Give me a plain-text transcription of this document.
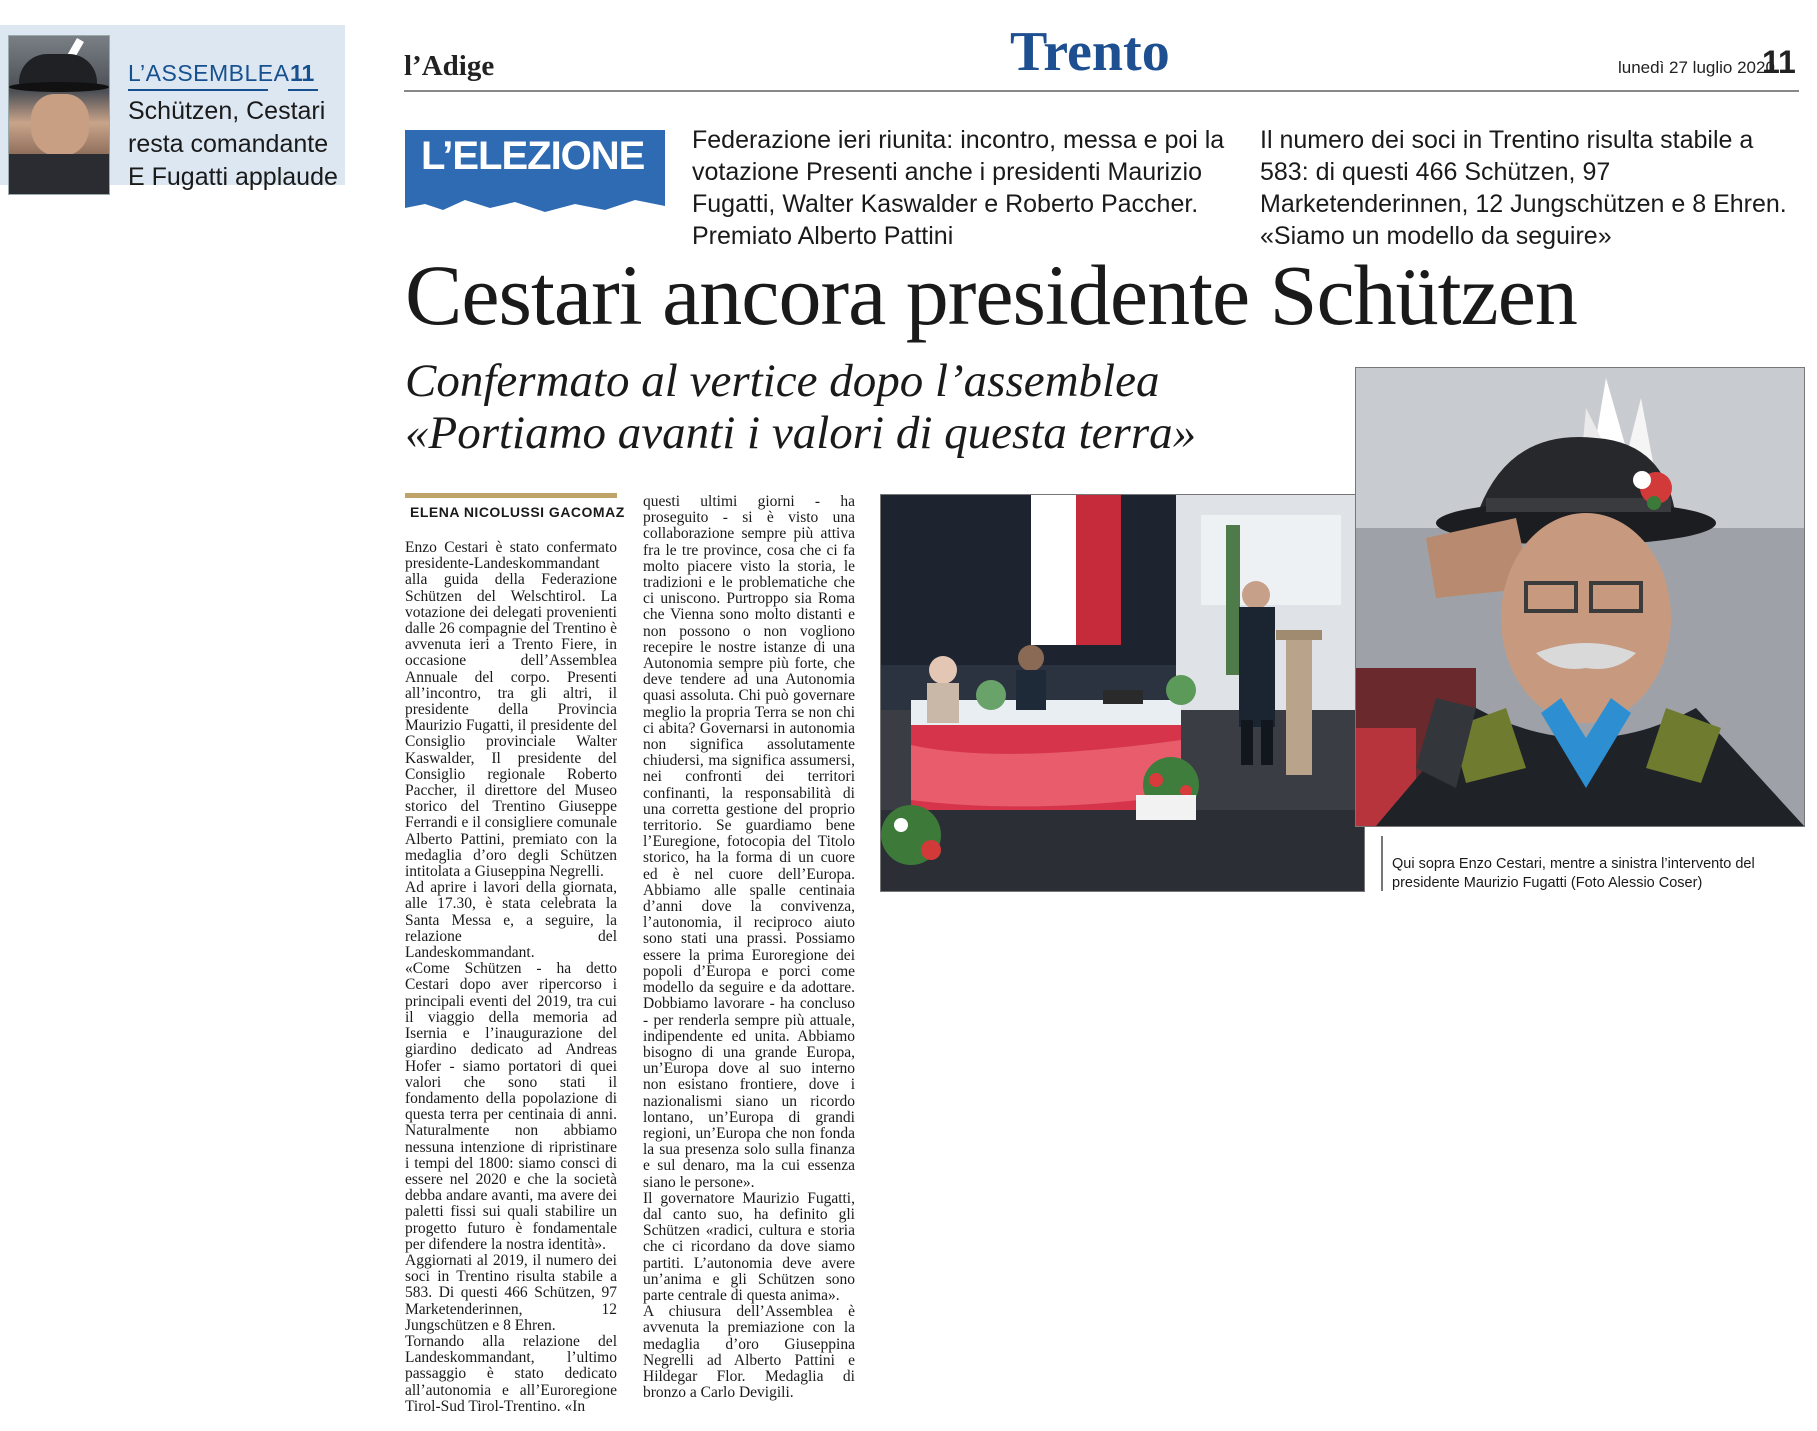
L’ASSEMBLEA 11
Schützen, Cestari resta comandante E Fugatti applaude
l’Adige	Trento	lunedì 27 luglio 2020
11
L’ELEZIONE Federazione ieri riunita: incontro, messa e poi la votazione Presenti anche i presidenti Maurizio Fugatti, Walter Kaswalder e Roberto Paccher. Premiato Alberto Pattini
Il numero dei soci in Trentino risulta stabile a 583: di questi 466 Schützen, 97 Marketenderinnen, 12 Jungschützen e 8 Ehren. «Siamo un modello da seguire»
Cestari ancora presidente Schützen
Confermato al vertice dopo l’assemblea
«Portiamo avanti i valori di questa terra»
ELENA NICOLUSSI GACOMAZ
Enzo Cestari è stato confermato presidente-Landeskommandant alla guida della Federazione Schützen del Welschtirol. La votazione dei delegati provenienti dalle 26 compagnie del Trentino è avvenuta ieri a Trento Fiere, in occasione dell’Assemblea Annuale del corpo. Presenti all’incontro, tra gli altri, il presidente della Provincia Maurizio Fugatti, il presidente del Consiglio provinciale Walter Kaswalder, Il presidente del Consiglio regionale Roberto Paccher, il direttore del Museo storico del Trentino Giuseppe Ferrandi e il consigliere comunale Alberto Pattini, premiato con la medaglia d’oro degli Schützen intitolata a Giuseppina Negrelli.
Ad aprire i lavori della giornata, alle 17.30, è stata celebrata la Santa Messa e, a seguire, la relazione del Landeskommandant.
«Come Schützen - ha detto Cestari dopo aver ripercorso i principali eventi del 2019, tra cui il viaggio della memoria ad Isernia e l’inaugurazione del giardino dedicato ad Andreas Hofer - siamo portatori di quei valori che sono stati il fondamento della popolazione di questa terra per centinaia di anni. Naturalmente non abbiamo nessuna intenzione di ripristinare i tempi del 1800: siamo consci di essere nel 2020 e che la società debba andare avanti, ma avere dei paletti fissi sui quali stabilire un progetto futuro è fondamentale per difendere la nostra identità».
Aggiornati al 2019, il numero dei soci in Trentino risulta stabile a 583. Di questi 466 Schützen, 97 Marketenderinnen, 12 Jungschützen e 8 Ehren.
Tornando alla relazione del Landeskommandant, l’ultimo passaggio è stato dedicato all’autonomia e all’Euroregione Tirol-Sud Tirol-Trentino. «In
questi ultimi giorni - ha proseguito - si è visto una collaborazione sempre più attiva fra le tre province, cosa che ci fa molto piacere visto la storia, le tradizioni e le problematiche che ci uniscono. Purtroppo sia Roma che Vienna sono molto distanti e non possono o non vogliono recepire le nostre istanze di una Autonomia sempre più forte, che deve tendere ad una Autonomia quasi assoluta. Chi può governare meglio la propria Terra se non chi ci abita? Governarsi in autonomia non significa assolutamente chiudersi, ma significa assumersi, nei confronti dei territori confinanti, la responsabilità di una corretta gestione del proprio territorio. Se guardiamo bene l’Euregione, fotocopia del Titolo storico, ha la forma di un cuore ed è nel cuore dell’Europa. Abbiamo alle spalle centinaia d’anni dove la convivenza, l’autonomia, il reciproco aiuto sono stati una prassi. Possiamo essere la prima Euroregione dei popoli d’Europa e porci come modello da seguire e da adottare. Dobbiamo lavorare - ha concluso - per renderla sempre più attuale, indipendente ed unita. Abbiamo bisogno di una grande Europa, un’Europa dove al suo interno non esistano frontiere, dove i nazionalismi siano un ricordo lontano, un’Europa di grandi regioni, un’Europa che non fonda la sua presenza solo sulla finanza e sul denaro, ma la cui essenza siano le persone».
Il governatore Maurizio Fugatti, dal canto suo, ha definito gli Schützen «radici, cultura e storia che ci ricordano da dove siamo partiti. L’autonomia deve avere un’anima e gli Schützen sono parte centrale di questa anima».
A chiusura dell’Assemblea è avvenuta la premiazione con la medaglia d’oro Giuseppina Negrelli ad Alberto Pattini e Hildegar Flor. Medaglia di bronzo a Carlo Devigili.
Qui sopra Enzo Cestari, mentre a sinistra l’intervento del presidente Maurizio Fugatti (Foto Alessio Coser)
